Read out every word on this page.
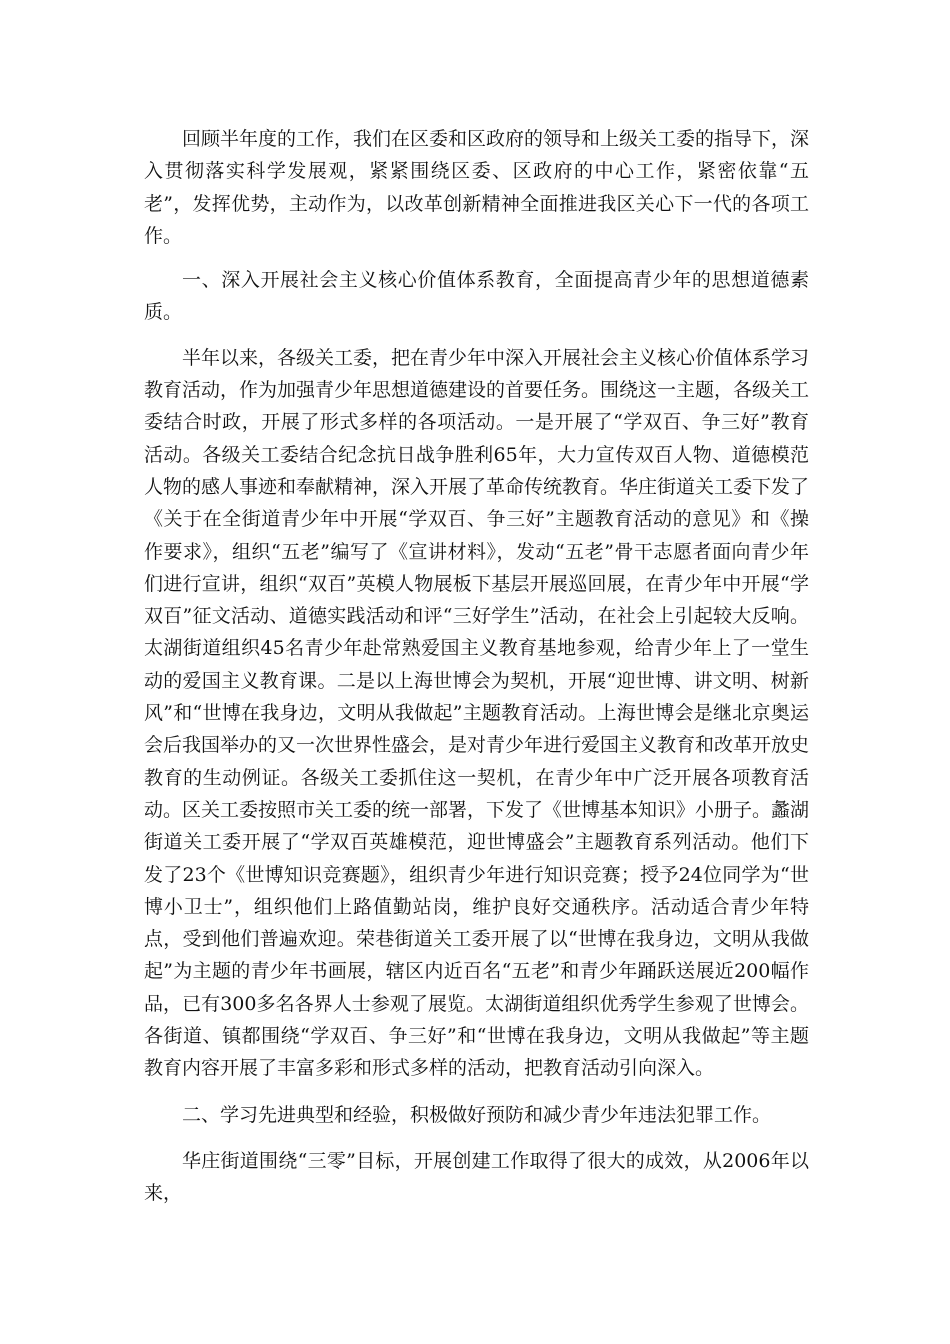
回顾半年度的工作，我们在区委和区政府的领导和上级关工委的指导下，深入贯彻落实科学发展观，紧紧围绕区委、区政府的中心工作，紧密依靠“五老”，发挥优势，主动作为，以改革创新精神全面推进我区关心下一代的各项工作。

一、深入开展社会主义核心价值体系教育，全面提高青少年的思想道德素质。

半年以来，各级关工委，把在青少年中深入开展社会主义核心价值体系学习教育活动，作为加强青少年思想道德建设的首要任务。围绕这一主题，各级关工委结合时政，开展了形式多样的各项活动。一是开展了“学双百、争三好”教育活动。各级关工委结合纪念抗日战争胜利65年，大力宣传双百人物、道德模范人物的感人事迹和奉献精神，深入开展了革命传统教育。华庄街道关工委下发了《关于在全街道青少年中开展“学双百、争三好”主题教育活动的意见》和《操作要求》，组织“五老”编写了《宣讲材料》，发动“五老”骨干志愿者面向青少年们进行宣讲，组织“双百”英模人物展板下基层开展巡回展，在青少年中开展“学双百”征文活动、道德实践活动和评“三好学生”活动，在社会上引起较大反响。太湖街道组织45名青少年赴常熟爱国主义教育基地参观，给青少年上了一堂生动的爱国主义教育课。二是以上海世博会为契机，开展“迎世博、讲文明、树新风”和“世博在我身边，文明从我做起”主题教育活动。上海世博会是继北京奥运会后我国举办的又一次世界性盛会，是对青少年进行爱国主义教育和改革开放史教育的生动例证。各级关工委抓住这一契机，在青少年中广泛开展各项教育活动。区关工委按照市关工委的统一部署，下发了《世博基本知识》小册子。蠡湖街道关工委开展了“学双百英雄模范，迎世博盛会”主题教育系列活动。他们下发了23个《世博知识竞赛题》，组织青少年进行知识竞赛；授予24位同学为“世博小卫士”，组织他们上路值勤站岗，维护良好交通秩序。活动适合青少年特点，受到他们普遍欢迎。荣巷街道关工委开展了以“世博在我身边，文明从我做起”为主题的青少年书画展，辖区内近百名“五老”和青少年踊跃送展近200幅作品，已有300多名各界人士参观了展览。太湖街道组织优秀学生参观了世博会。各街道、镇都围绕“学双百、争三好”和“世博在我身边，文明从我做起”等主题教育内容开展了丰富多彩和形式多样的活动，把教育活动引向深入。

二、学习先进典型和经验，积极做好预防和减少青少年违法犯罪工作。

华庄街道围绕“三零”目标，开展创建工作取得了很大的成效，从2006年以来，
